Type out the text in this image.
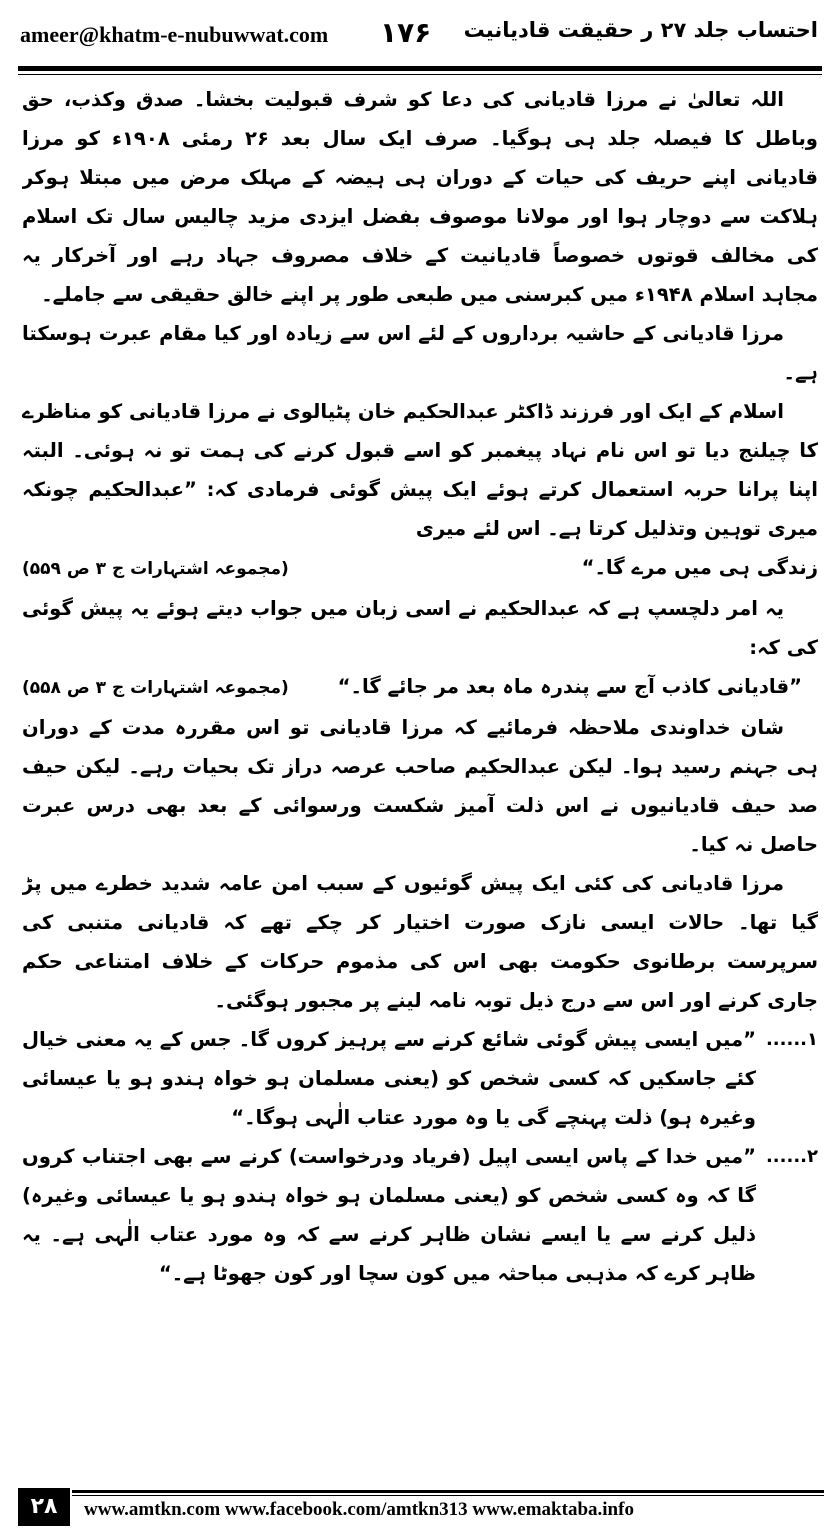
ameer@khatm-e-nubuwwat.com ۱۷۶ احتساب جلد ۲۷ ر حقیقت قادیانیت

اللہ تعالیٰ نے مرزا قادیانی کی دعا کو شرف قبولیت بخشا۔ صدق وکذب، حق وباطل کا فیصلہ جلد ہی ہوگیا۔ صرف ایک سال بعد ۲۶ رمئی ۱۹۰۸ء کو مرزا قادیانی اپنے حریف کی حیات کے دوران ہی ہیضہ کے مہلک مرض میں مبتلا ہوکر ہلاکت سے دوچار ہوا اور مولانا موصوف بفضل ایزدی مزید چالیس سال تک اسلام کی مخالف قوتوں خصوصاً قادیانیت کے خلاف مصروف جہاد رہے اور آخرکار یہ مجاہد اسلام ۱۹۴۸ء میں کبرسنی میں طبعی طور پر اپنے خالق حقیقی سے جاملے۔

مرزا قادیانی کے حاشیہ برداروں کے لئے اس سے زیادہ اور کیا مقام عبرت ہوسکتا ہے۔

اسلام کے ایک اور فرزند ڈاکٹر عبدالحکیم خان پٹیالوی نے مرزا قادیانی کو مناظرے کا چیلنج دیا تو اس نام نہاد پیغمبر کو اسے قبول کرنے کی ہمت تو نہ ہوئی۔ البتہ اپنا پرانا حربہ استعمال کرتے ہوئے ایک پیش گوئی فرمادی کہ: ”عبدالحکیم چونکہ میری توہین وتذلیل کرتا ہے۔ اس لئے میری

زندگی ہی میں مرے گا۔“
(مجموعہ اشتہارات ج ۳ ص ۵۵۹)

یہ امر دلچسپ ہے کہ عبدالحکیم نے اسی زبان میں جواب دیتے ہوئے یہ پیش گوئی کی کہ:

”قادیانی کاذب آج سے پندرہ ماہ بعد مر جائے گا۔“
(مجموعہ اشتہارات ج ۳ ص ۵۵۸)

شان خداوندی ملاحظہ فرمائیے کہ مرزا قادیانی تو اس مقررہ مدت کے دوران ہی جہنم رسید ہوا۔ لیکن عبدالحکیم صاحب عرصہ دراز تک بحیات رہے۔ لیکن حیف صد حیف قادیانیوں نے اس ذلت آمیز شکست ورسوائی کے بعد بھی درس عبرت حاصل نہ کیا۔

مرزا قادیانی کی کئی ایک پیش گوئیوں کے سبب امن عامہ شدید خطرے میں پڑ گیا تھا۔ حالات ایسی نازک صورت اختیار کر چکے تھے کہ قادیانی متنبی کی سرپرست برطانوی حکومت بھی اس کی مذموم حرکات کے خلاف امتناعی حکم جاری کرنے اور اس سے درج ذیل توبہ نامہ لینے پر مجبور ہوگئی۔

۱......
”میں ایسی پیش گوئی شائع کرنے سے پرہیز کروں گا۔ جس کے یہ معنی خیال کئے جاسکیں کہ کسی شخص کو (یعنی مسلمان ہو خواہ ہندو ہو یا عیسائی وغیرہ ہو) ذلت پہنچے گی یا وہ مورد عتاب الٰہی ہوگا۔“
۲......
”میں خدا کے پاس ایسی اپیل (فریاد ودرخواست) کرنے سے بھی اجتناب کروں گا کہ وہ کسی شخص کو (یعنی مسلمان ہو خواہ ہندو ہو یا عیسائی وغیرہ) ذلیل کرنے سے یا ایسے نشان ظاہر کرنے سے کہ وہ مورد عتاب الٰہی ہے۔ یہ ظاہر کرے کہ مذہبی مباحثہ میں کون سچا اور کون جھوٹا ہے۔“
۲۸	www.amtkn.com www.facebook.com/amtkn313 www.emaktaba.info
